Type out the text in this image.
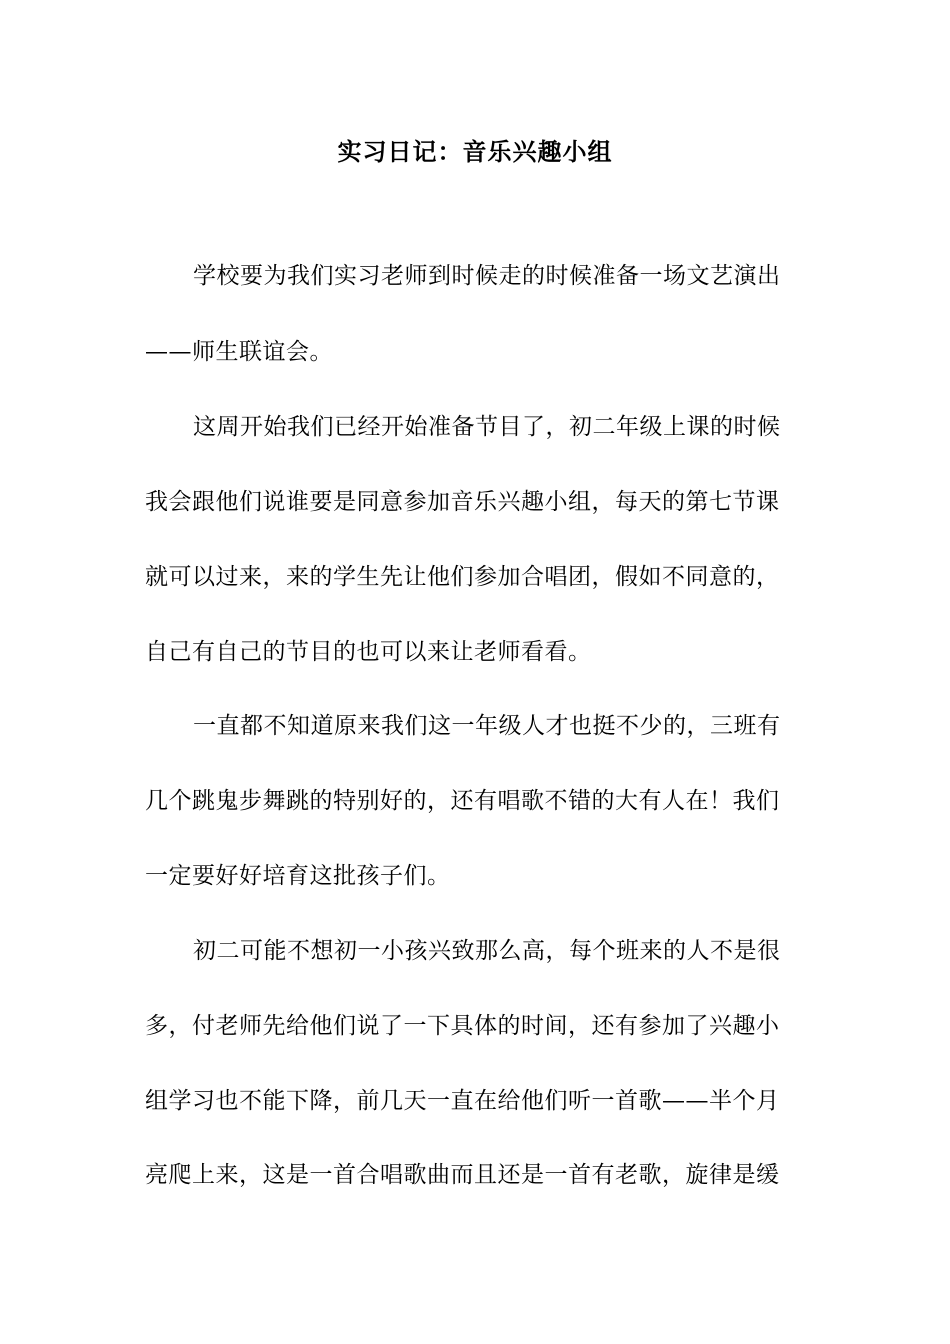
实习日记：音乐兴趣小组
学校要为我们实习老师到时候走的时候准备一场文艺演出
——师生联谊会。
这周开始我们已经开始准备节目了，初二年级上课的时候
我会跟他们说谁要是同意参加音乐兴趣小组，每天的第七节课
就可以过来，来的学生先让他们参加合唱团，假如不同意的，
自己有自己的节目的也可以来让老师看看。
一直都不知道原来我们这一年级人才也挺不少的，三班有
几个跳鬼步舞跳的特别好的，还有唱歌不错的大有人在！我们
一定要好好培育这批孩子们。
初二可能不想初一小孩兴致那么高，每个班来的人不是很
多，付老师先给他们说了一下具体的时间，还有参加了兴趣小
组学习也不能下降，前几天一直在给他们听一首歌——半个月
亮爬上来，这是一首合唱歌曲而且还是一首有老歌，旋律是缓
